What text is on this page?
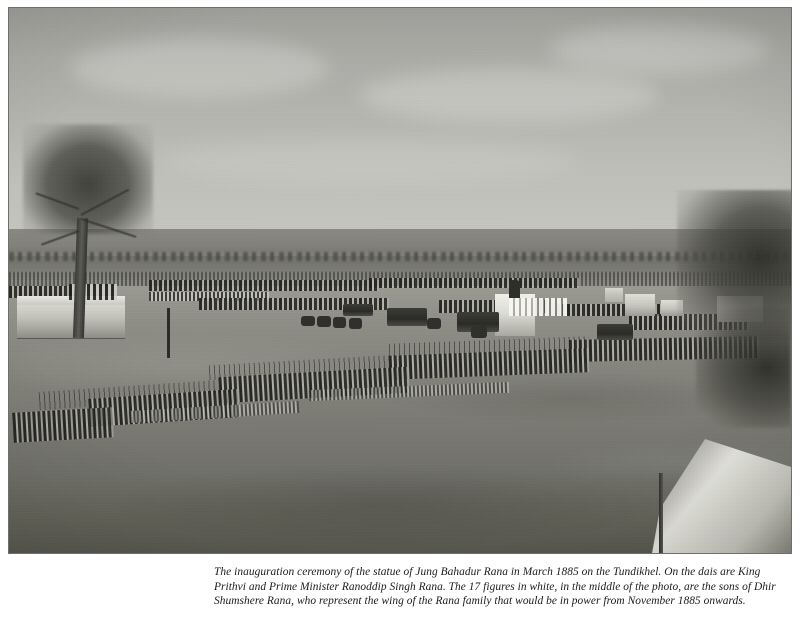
The inauguration ceremony of the statue of Jung Bahadur Rana in March 1885 on the Tundikhel. On the dais are King Prithvi and Prime Minister Ranoddip Singh Rana. The 17 figures in white, in the middle of the photo, are the sons of Dhir Shumshere Rana, who represent the wing of the Rana family that would be in power from November 1885 onwards.
